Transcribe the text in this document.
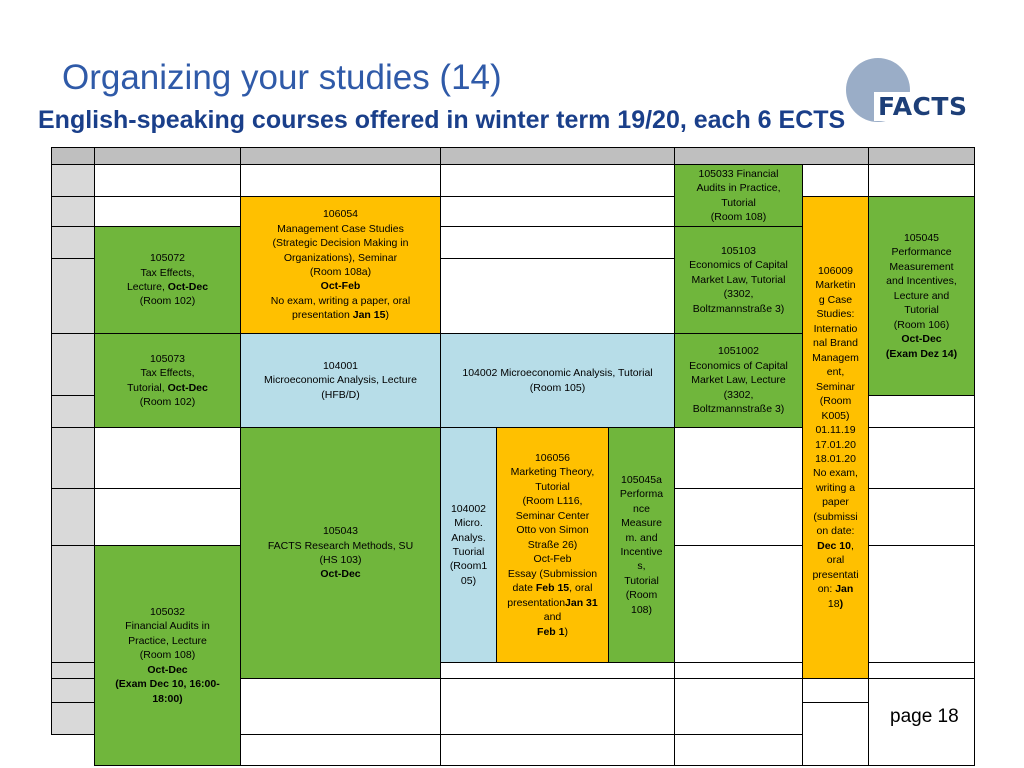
Organizing your studies (14)
English-speaking courses offered in winter term 19/20, each 6 ECTS FACTS
105033 Financial
Audits in Practice,
Tutorial
(Room 108)
106054
Management Case Studies
(Strategic Decision Making in
Organizations), Seminar
(Room 108a)
Oct-Feb
No exam, writing a paper, oral
presentation Jan 15)
106009
Marketin
g Case
Studies:
Internatio
nal Brand
Managem
ent,
Seminar
(Room
K005)
01.11.19
17.01.20
18.01.20
No exam,
writing a
paper
(submissi
on date:
Dec 10,
oral
presentati
on: Jan
18)
105045
Performance
Measurement
and Incentives,
Lecture and
Tutorial
(Room 106)
Oct-Dec
(Exam Dez 14)
105072
Tax Effects,
Lecture, Oct-Dec
(Room 102)
105103
Economics of Capital
Market Law, Tutorial
(3302,
Boltzmannstraße 3)
105073
Tax Effects,
Tutorial, Oct-Dec
(Room 102)
104001
Microeconomic Analysis, Lecture
(HFB/D)
104002 Microeconomic Analysis, Tutorial
(Room 105)
1051002
Economics of Capital
Market Law, Lecture
(3302,
Boltzmannstraße 3)
105043
FACTS Research Methods, SU
(HS 103)
Oct-Dec
104002
Micro.
Analys.
Tuorial
(Room1
05)
106056
Marketing Theory,
Tutorial
(Room L116,
Seminar Center
Otto von Simon
Straße 26)
Oct-Feb
Essay (Submission
date Feb 15, oral
presentationJan 31
and
Feb 1)
105045a
Performa
nce
Measure
m. and
Incentive
s,
Tutorial
(Room
108)
105032
Financial Audits in
Practice, Lecture
(Room 108)
Oct-Dec
(Exam Dec 10, 16:00-
18:00)
page 18
